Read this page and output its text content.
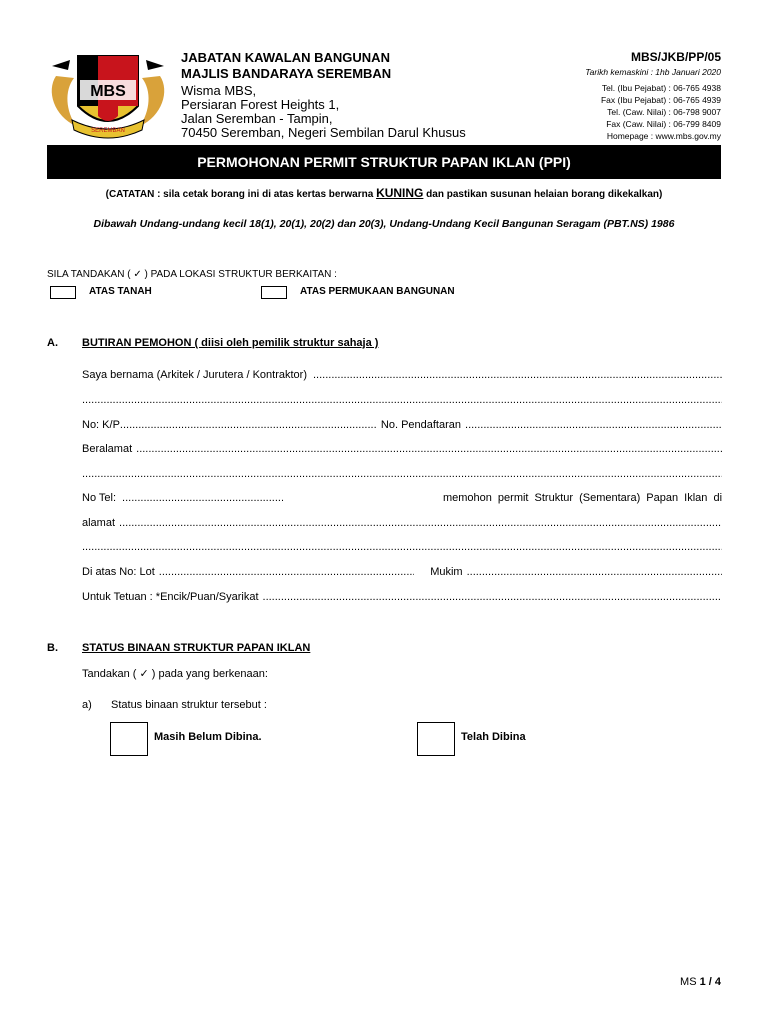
MBS
SEREMBAN
JABATAN KAWALAN BANGUNAN
MAJLIS BANDARAYA SEREMBAN
Wisma MBS,
Persiaran Forest Heights 1,
Jalan Seremban - Tampin,
70450 Seremban, Negeri Sembilan Darul Khusus
MBS/JKB/PP/05
Tarikh kemaskini : 1hb Januari 2020
Tel. (Ibu Pejabat) : 06-765 4938
Fax (Ibu Pejabat) : 06-765 4939
Tel. (Caw. Nilai) : 06-798 9007
Fax (Caw. Nilai) : 06-799 8409
Homepage : www.mbs.gov.my
PERMOHONAN PERMIT STRUKTUR PAPAN IKLAN (PPI)
(CATATAN : sila cetak borang ini di atas kertas berwarna KUNING dan pastikan susunan helaian borang dikekalkan)
Dibawah Undang-undang kecil 18(1), 20(1), 20(2) dan 20(3), Undang-Undang Kecil Bangunan Seragam (PBT.NS) 1986
SILA TANDAKAN ( ✓ ) PADA LOKASI STRUKTUR BERKAITAN :
ATAS TANAH	ATAS PERMUKAAN BANGUNAN
A. BUTIRAN PEMOHON ( diisi oleh pemilik struktur sahaja )
Saya bernama (Arkitek / Jurutera / Kontraktor)
.....
.....
No: K/P .....	No. Pendaftaran
.....
Beralamat
.....
.....
No Tel: .....	memohon permit Struktur (Sementara) Papan Iklan di
alamat
.....
.....
Di atas No: Lot .....	Mukim
.....
Untuk Tetuan : *Encik/Puan/Syarikat
.....
B. STATUS BINAAN STRUKTUR PAPAN IKLAN
Tandakan ( ✓ ) pada yang berkenaan:
a) Status binaan struktur tersebut :
Masih Belum Dibina.	Telah Dibina
MS 1 / 4
